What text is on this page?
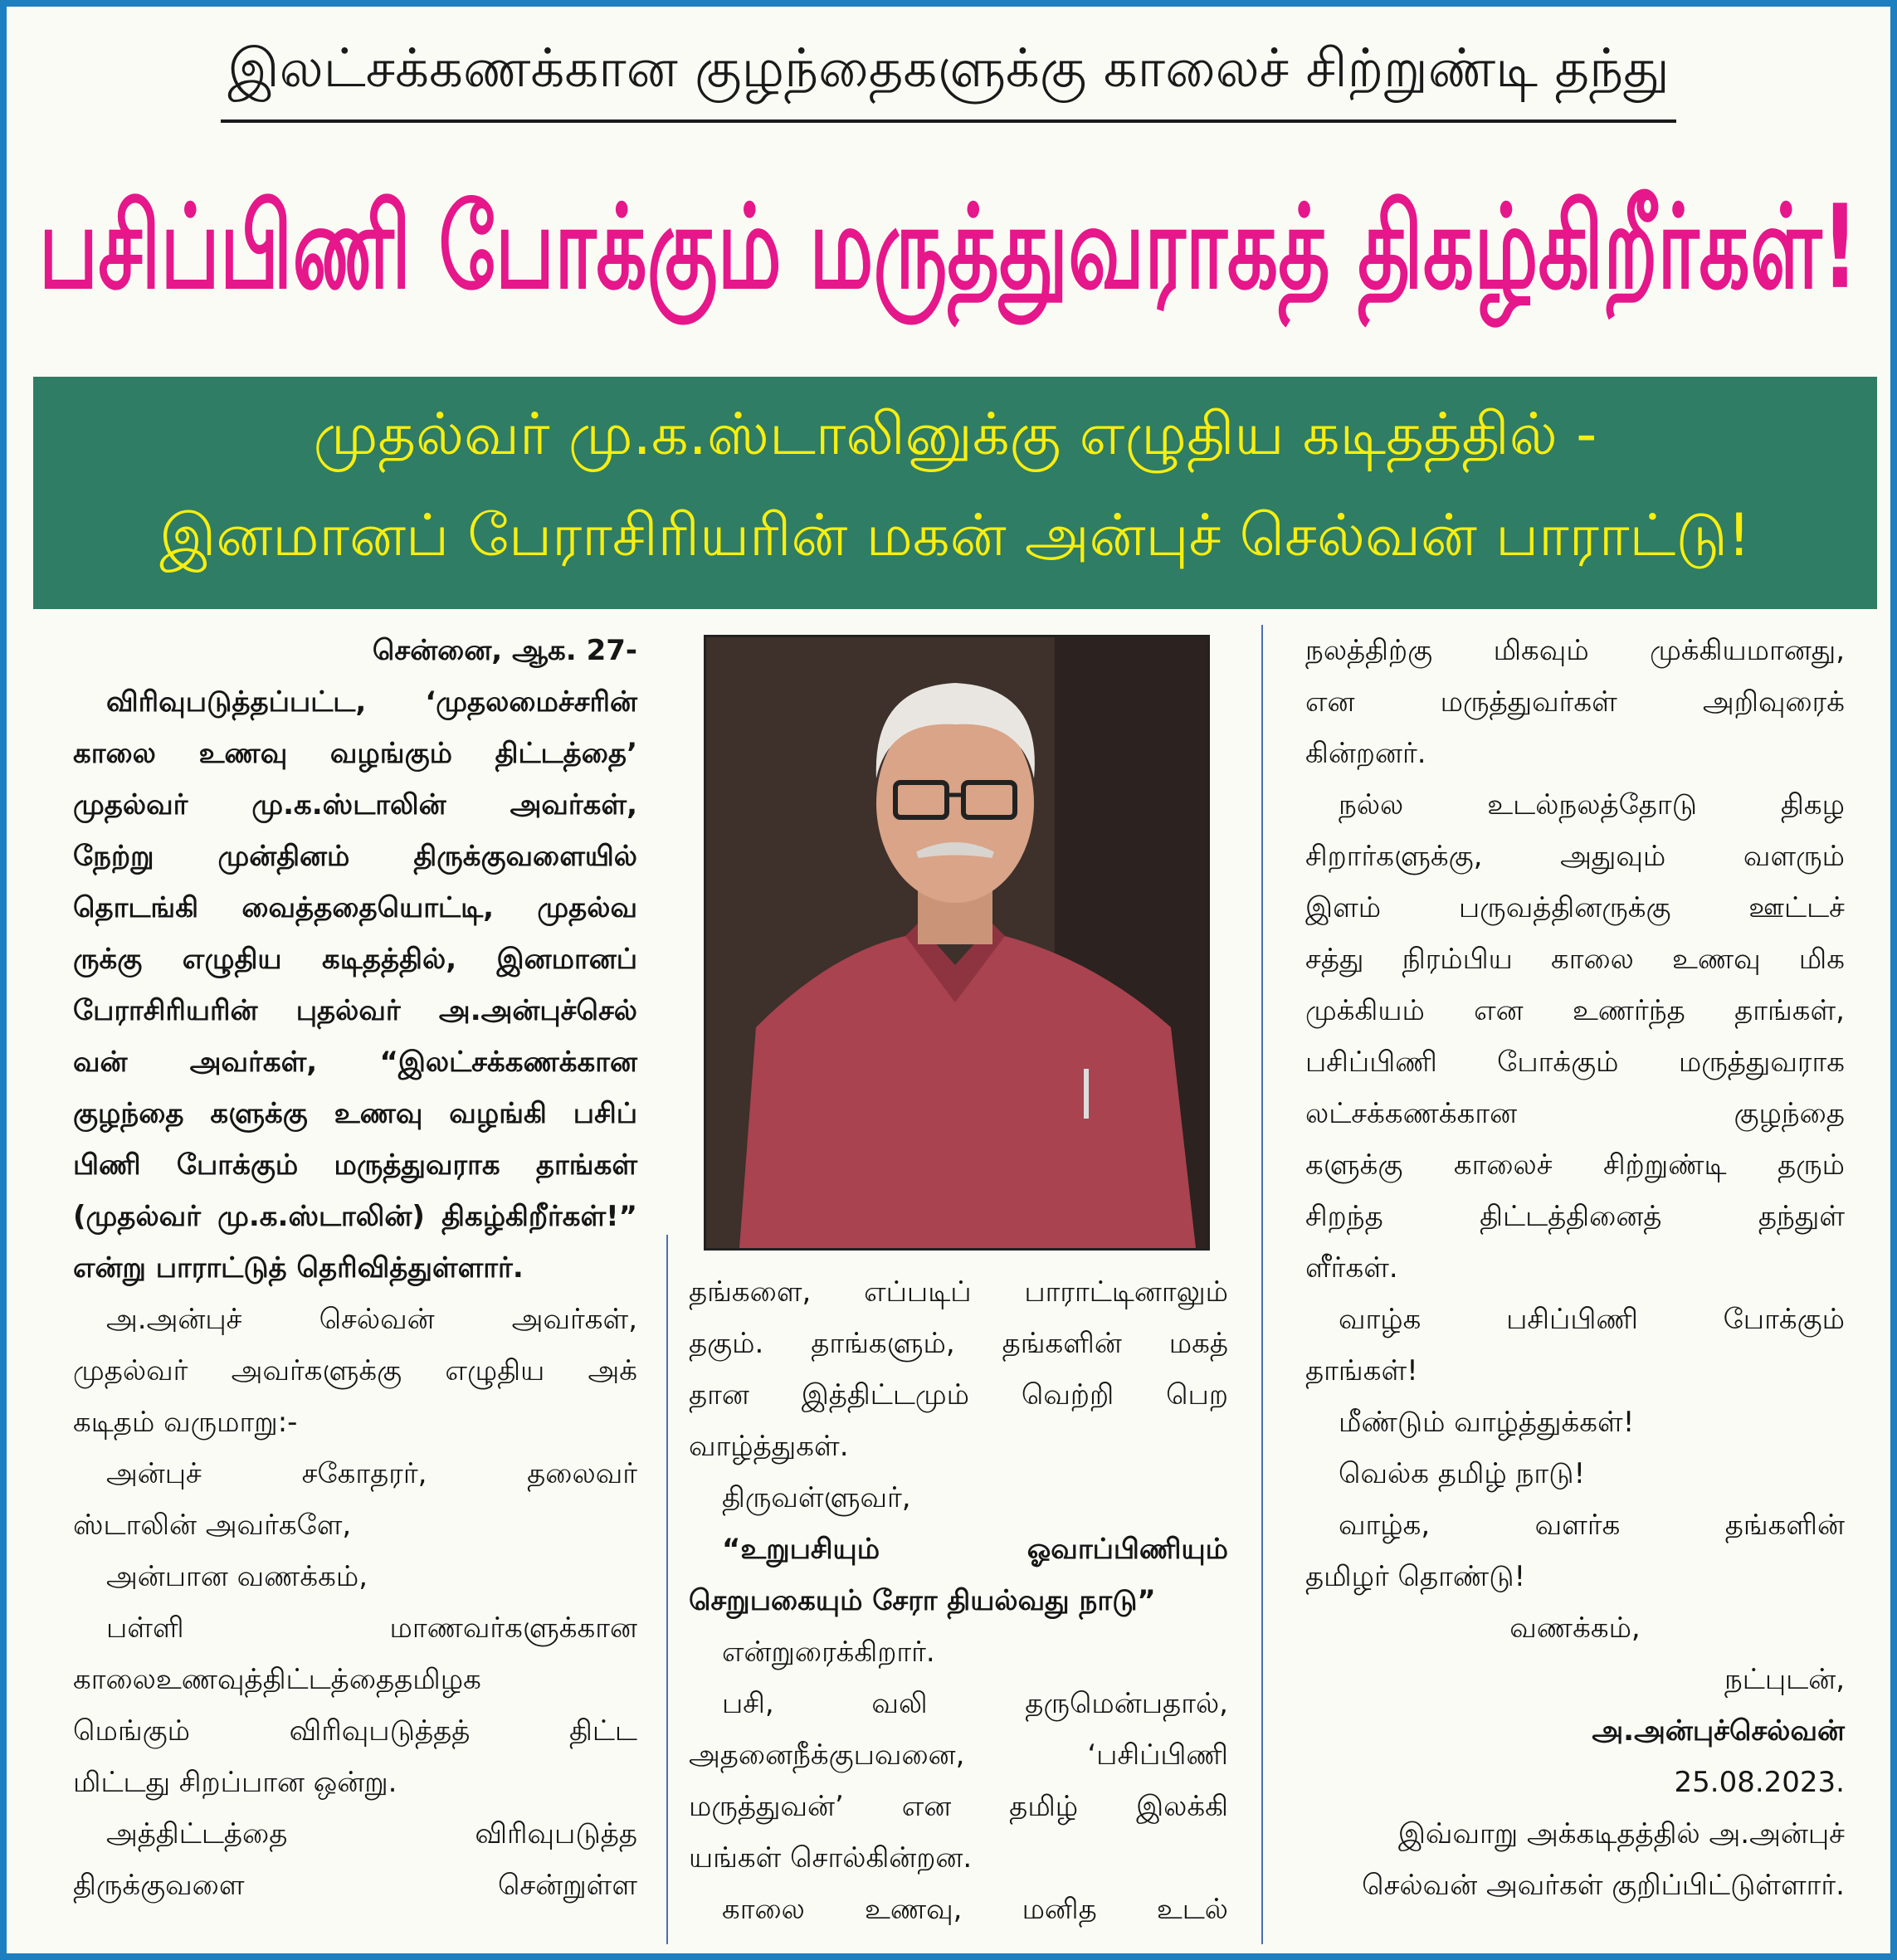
இலட்சக்கணக்கான குழந்தைகளுக்கு காலைச் சிற்றுண்டி தந்து
பசிப்பிணி போக்கும் மருத்துவராகத் திகழ்கிறீர்கள்!
முதல்வர் மு.க.ஸ்டாலினுக்கு எழுதிய கடிதத்தில் -
இனமானப் பேராசிரியரின் மகன் அன்புச் செல்வன் பாராட்டு!

சென்னை, ஆக. 27-

விரிவுபடுத்தப்பட்ட, ‘முதலமைச்சரின்

காலை உணவு வழங்கும் திட்டத்தை’

முதல்வர் மு.க.ஸ்டாலின் அவர்கள்,

நேற்று முன்தினம் திருக்குவளையில்

தொடங்கி வைத்ததையொட்டி, முதல்வ

ருக்கு எழுதிய கடிதத்தில், இனமானப்

பேராசிரியரின் புதல்வர் அ.அன்புச்செல்

வன் அவர்கள், “இலட்சக்கணக்கான

குழந்தை களுக்கு உணவு வழங்கி பசிப்

பிணி போக்கும் மருத்துவராக தாங்கள்

(முதல்வர் மு.க.ஸ்டாலின்) திகழ்கிறீர்கள்!”

என்று பாராட்டுத் தெரிவித்துள்ளார்.

அ.அன்புச் செல்வன் அவர்கள்,

முதல்வர் அவர்களுக்கு எழுதிய அக்

கடிதம் வருமாறு:-

அன்புச் சகோதரர், தலைவர்

ஸ்டாலின் அவர்களே,

அன்பான வணக்கம்,

பள்ளி மாணவர்களுக்கான

காலைஉணவுத்திட்டத்தைதமிழக

மெங்கும் விரிவுபடுத்தத் திட்ட

மிட்டது சிறப்பான ஒன்று.

அத்திட்டத்தை விரிவுபடுத்த

திருக்குவளை சென்றுள்ள

தங்களை, எப்படிப் பாராட்டினாலும்

தகும். தாங்களும், தங்களின் மகத்

தான இத்திட்டமும் வெற்றி பெற

வாழ்த்துகள்.

திருவள்ளுவர்,

“உறுபசியும் ஓவாப்பிணியும்

செறுபகையும் சேரா தியல்வது நாடு”

என்றுரைக்கிறார்.

பசி, வலி தருமென்பதால்,

அதனைநீக்குபவனை, ‘பசிப்பிணி

மருத்துவன்’ என தமிழ் இலக்கி

யங்கள் சொல்கின்றன.

காலை உணவு, மனித உடல்

நலத்திற்கு மிகவும் முக்கியமானது,

என மருத்துவர்கள் அறிவுரைக்

கின்றனர்.

நல்ல உடல்நலத்தோடு திகழ

சிறார்களுக்கு, அதுவும் வளரும்

இளம் பருவத்தினருக்கு ஊட்டச்

சத்து நிரம்பிய காலை உணவு மிக

முக்கியம் என உணர்ந்த தாங்கள்,

பசிப்பிணி போக்கும் மருத்துவராக

லட்சக்கணக்கான குழந்தை

களுக்கு காலைச் சிற்றுண்டி தரும்

சிறந்த திட்டத்தினைத் தந்துள்

ளீர்கள்.

வாழ்க பசிப்பிணி போக்கும்

தாங்கள்!

மீண்டும் வாழ்த்துக்கள்!

வெல்க தமிழ் நாடு!

வாழ்க, வளர்க தங்களின்

தமிழர் தொண்டு!

வணக்கம்,

நட்புடன்,

அ.அன்புச்செல்வன்

25.08.2023.

இவ்வாறு அக்கடிதத்தில் அ.அன்புச்

செல்வன் அவர்கள் குறிப்பிட்டுள்ளார்.
